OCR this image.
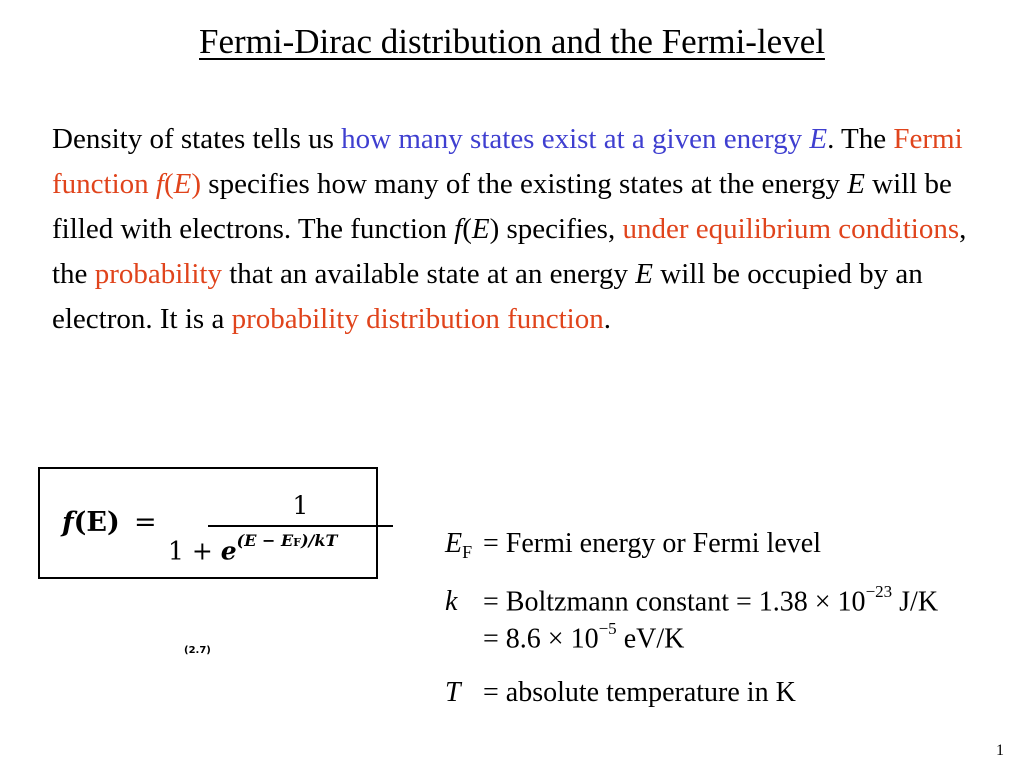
Fermi-Dirac distribution and the Fermi-level
Density of states tells us how many states exist at a given energy E. The Fermi function f(E) specifies how many of the existing states at the energy E will be filled with electrons. The function f(E) specifies, under equilibrium conditions, the probability that an available state at an energy E will be occupied by an electron. It is a probability distribution function.
f(E) =
1
$1 + e^{(E - EF)/kT}$
(2.7)
$E_F$ = Fermi energy or Fermi level
k = Boltzmann constant = $1.38 \times 10^{-23}$ J/K
= $8.6 \times 10^{-5}$ eV/K
T = absolute temperature in K
1
